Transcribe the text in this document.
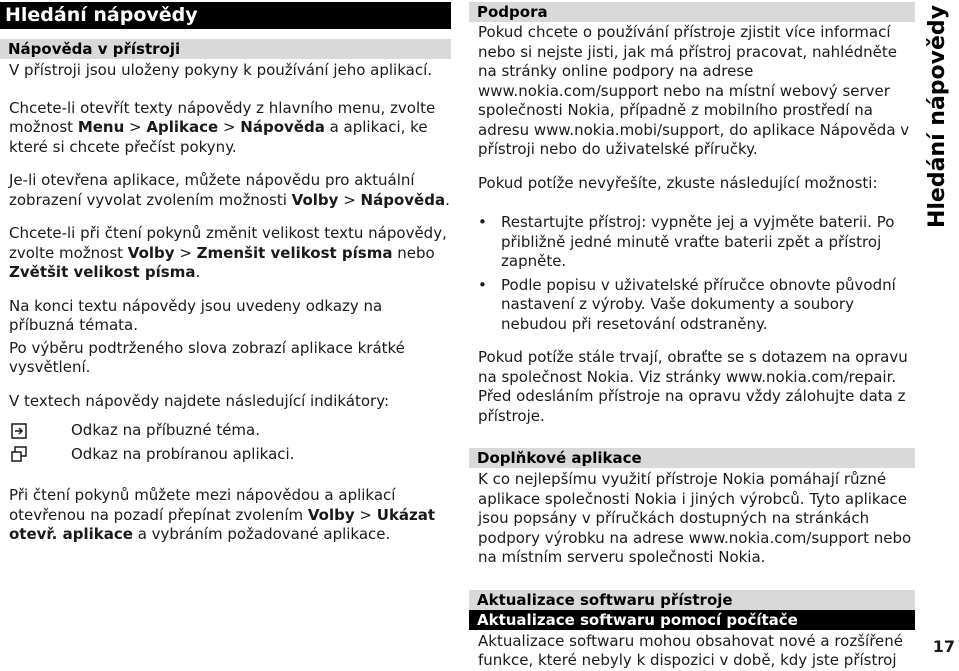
Hledání nápovědy
Nápověda v přístroji

V přístroji jsou uloženy pokyny k používání jeho aplikací.

Chcete-li otevřít texty nápovědy z hlavního menu, zvolte možnost Menu > Aplikace > Nápověda a aplikaci, ke které si chcete přečíst pokyny.

Je-li otevřena aplikace, můžete nápovědu pro aktuální zobrazení vyvolat zvolením možnosti Volby > Nápověda.

Chcete-li při čtení pokynů změnit velikost textu nápovědy, zvolte možnost Volby > Zmenšit velikost písma nebo Zvětšit velikost písma.

Na konci textu nápovědy jsou uvedeny odkazy na příbuzná témata.

Po výběru podtrženého slova zobrazí aplikace krátké vysvětlení.

V textech nápovědy najdete následující indikátory:

Odkaz na příbuzné téma.
Odkaz na probíranou aplikaci.

Při čtení pokynů můžete mezi nápovědou a aplikací otevřenou na pozadí přepínat zvolením Volby > Ukázat otevř. aplikace a vybráním požadované aplikace.

Podpora

Pokud chcete o používání přístroje zjistit více informací nebo si nejste jisti, jak má přístroj pracovat, nahlédněte na stránky online podpory na adrese www.nokia.com/support nebo na místní webový server společnosti Nokia, případně z mobilního prostředí na adresu www.nokia.mobi/support, do aplikace Nápověda v přístroji nebo do uživatelské příručky.

Pokud potíže nevyřešíte, zkuste následující možnosti:

• Restartujte přístroj: vypněte jej a vyjměte baterii. Po přibližně jedné minutě vraťte baterii zpět a přístroj zapněte.
• Podle popisu v uživatelské příručce obnovte původní nastavení z výroby. Vaše dokumenty a soubory nebudou při resetování odstraněny.

Pokud potíže stále trvají, obraťte se s dotazem na opravu na společnost Nokia. Viz stránky www.nokia.com/repair. Před odesláním přístroje na opravu vždy zálohujte data z přístroje.

Doplňkové aplikace

K co nejlepšímu využití přístroje Nokia pomáhají různé aplikace společnosti Nokia i jiných výrobců. Tyto aplikace jsou popsány v příručkách dostupných na stránkách podpory výrobku na adrese www.nokia.com/support nebo na místním serveru společnosti Nokia.

Aktualizace softwaru přístroje
Aktualizace softwaru pomocí počítače

Aktualizace softwaru mohou obsahovat nové a rozšířené funkce, které nebyly k dispozici v době, kdy jste přístroj

Hledání nápovědy
17
